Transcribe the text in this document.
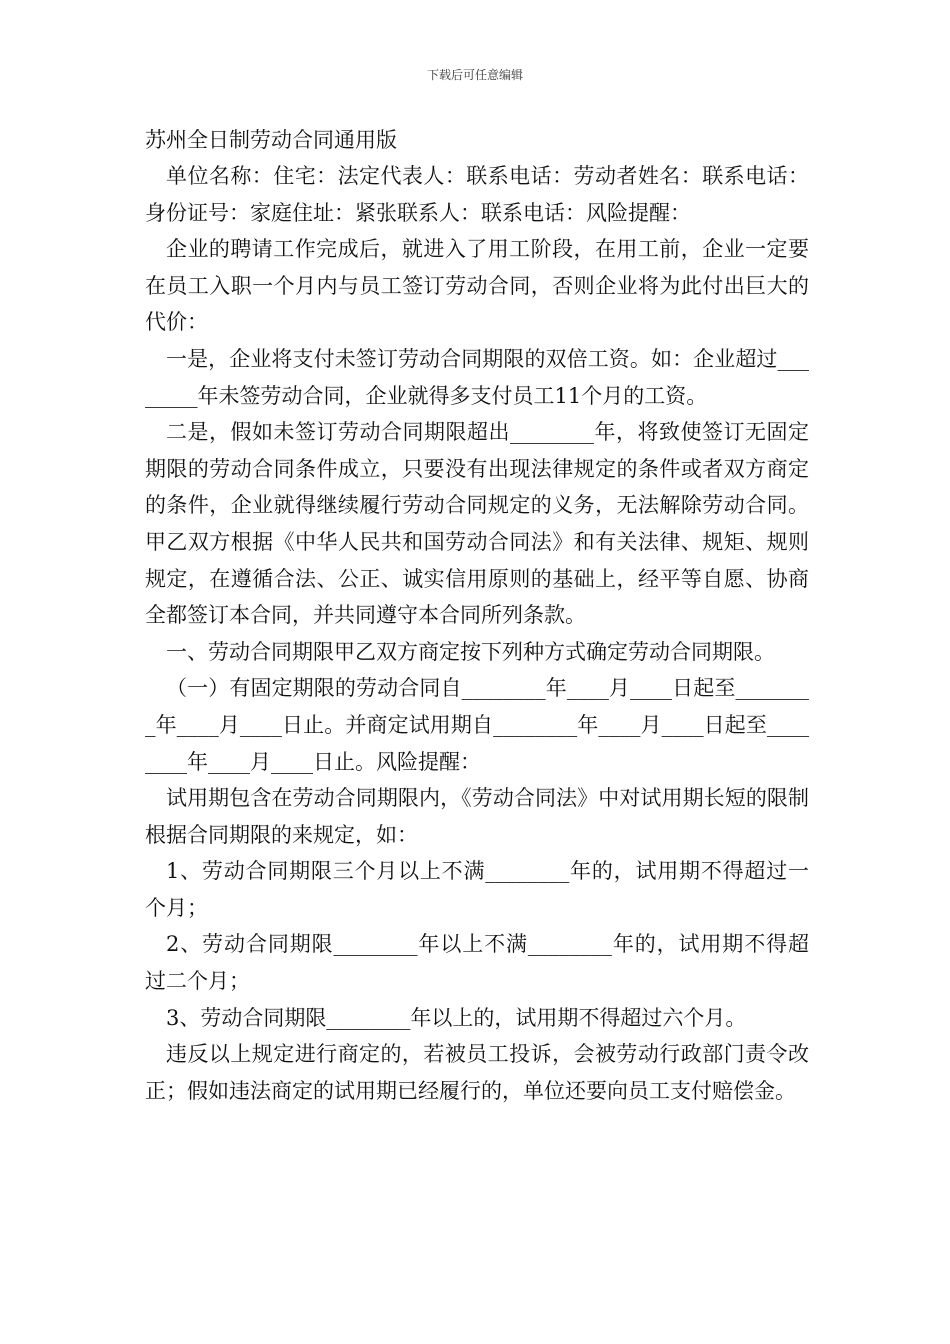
下载后可任意编辑

苏州全日制劳动合同通用版

单位名称：住宅：法定代表人：联系电话：劳动者姓名：联系电话：身份证号：家庭住址：紧张联系人：联系电话：风险提醒：

企业的聘请工作完成后，就进入了用工阶段，在用工前，企业一定要在员工入职一个月内与员工签订劳动合同，否则企业将为此付出巨大的代价：

一是，企业将支付未签订劳动合同期限的双倍工资。如：企业超过________年未签劳动合同，企业就得多支付员工11个月的工资。

二是，假如未签订劳动合同期限超出________年，将致使签订无固定期限的劳动合同条件成立，只要没有出现法律规定的条件或者双方商定的条件，企业就得继续履行劳动合同规定的义务，无法解除劳动合同。 甲乙双方根据《中华人民共和国劳动合同法》和有关法律、规矩、规则规定，在遵循合法、公正、诚实信用原则的基础上，经平等自愿、协商全都签订本合同，并共同遵守本合同所列条款。

一、劳动合同期限甲乙双方商定按下列种方式确定劳动合同期限。

（一）有固定期限的劳动合同自________年____月____日起至________年____月____日止。并商定试用期自________年____月____日起至________年____月____日止。风险提醒：

试用期包含在劳动合同期限内，《劳动合同法》中对试用期长短的限制根据合同期限的来规定，如：

1、劳动合同期限三个月以上不满________年的，试用期不得超过一个月；

2、劳动合同期限________年以上不满________年的，试用期不得超过二个月；

3、劳动合同期限________年以上的，试用期不得超过六个月。

违反以上规定进行商定的，若被员工投诉，会被劳动行政部门责令改正；假如违法商定的试用期已经履行的，单位还要向员工支付赔偿金。
